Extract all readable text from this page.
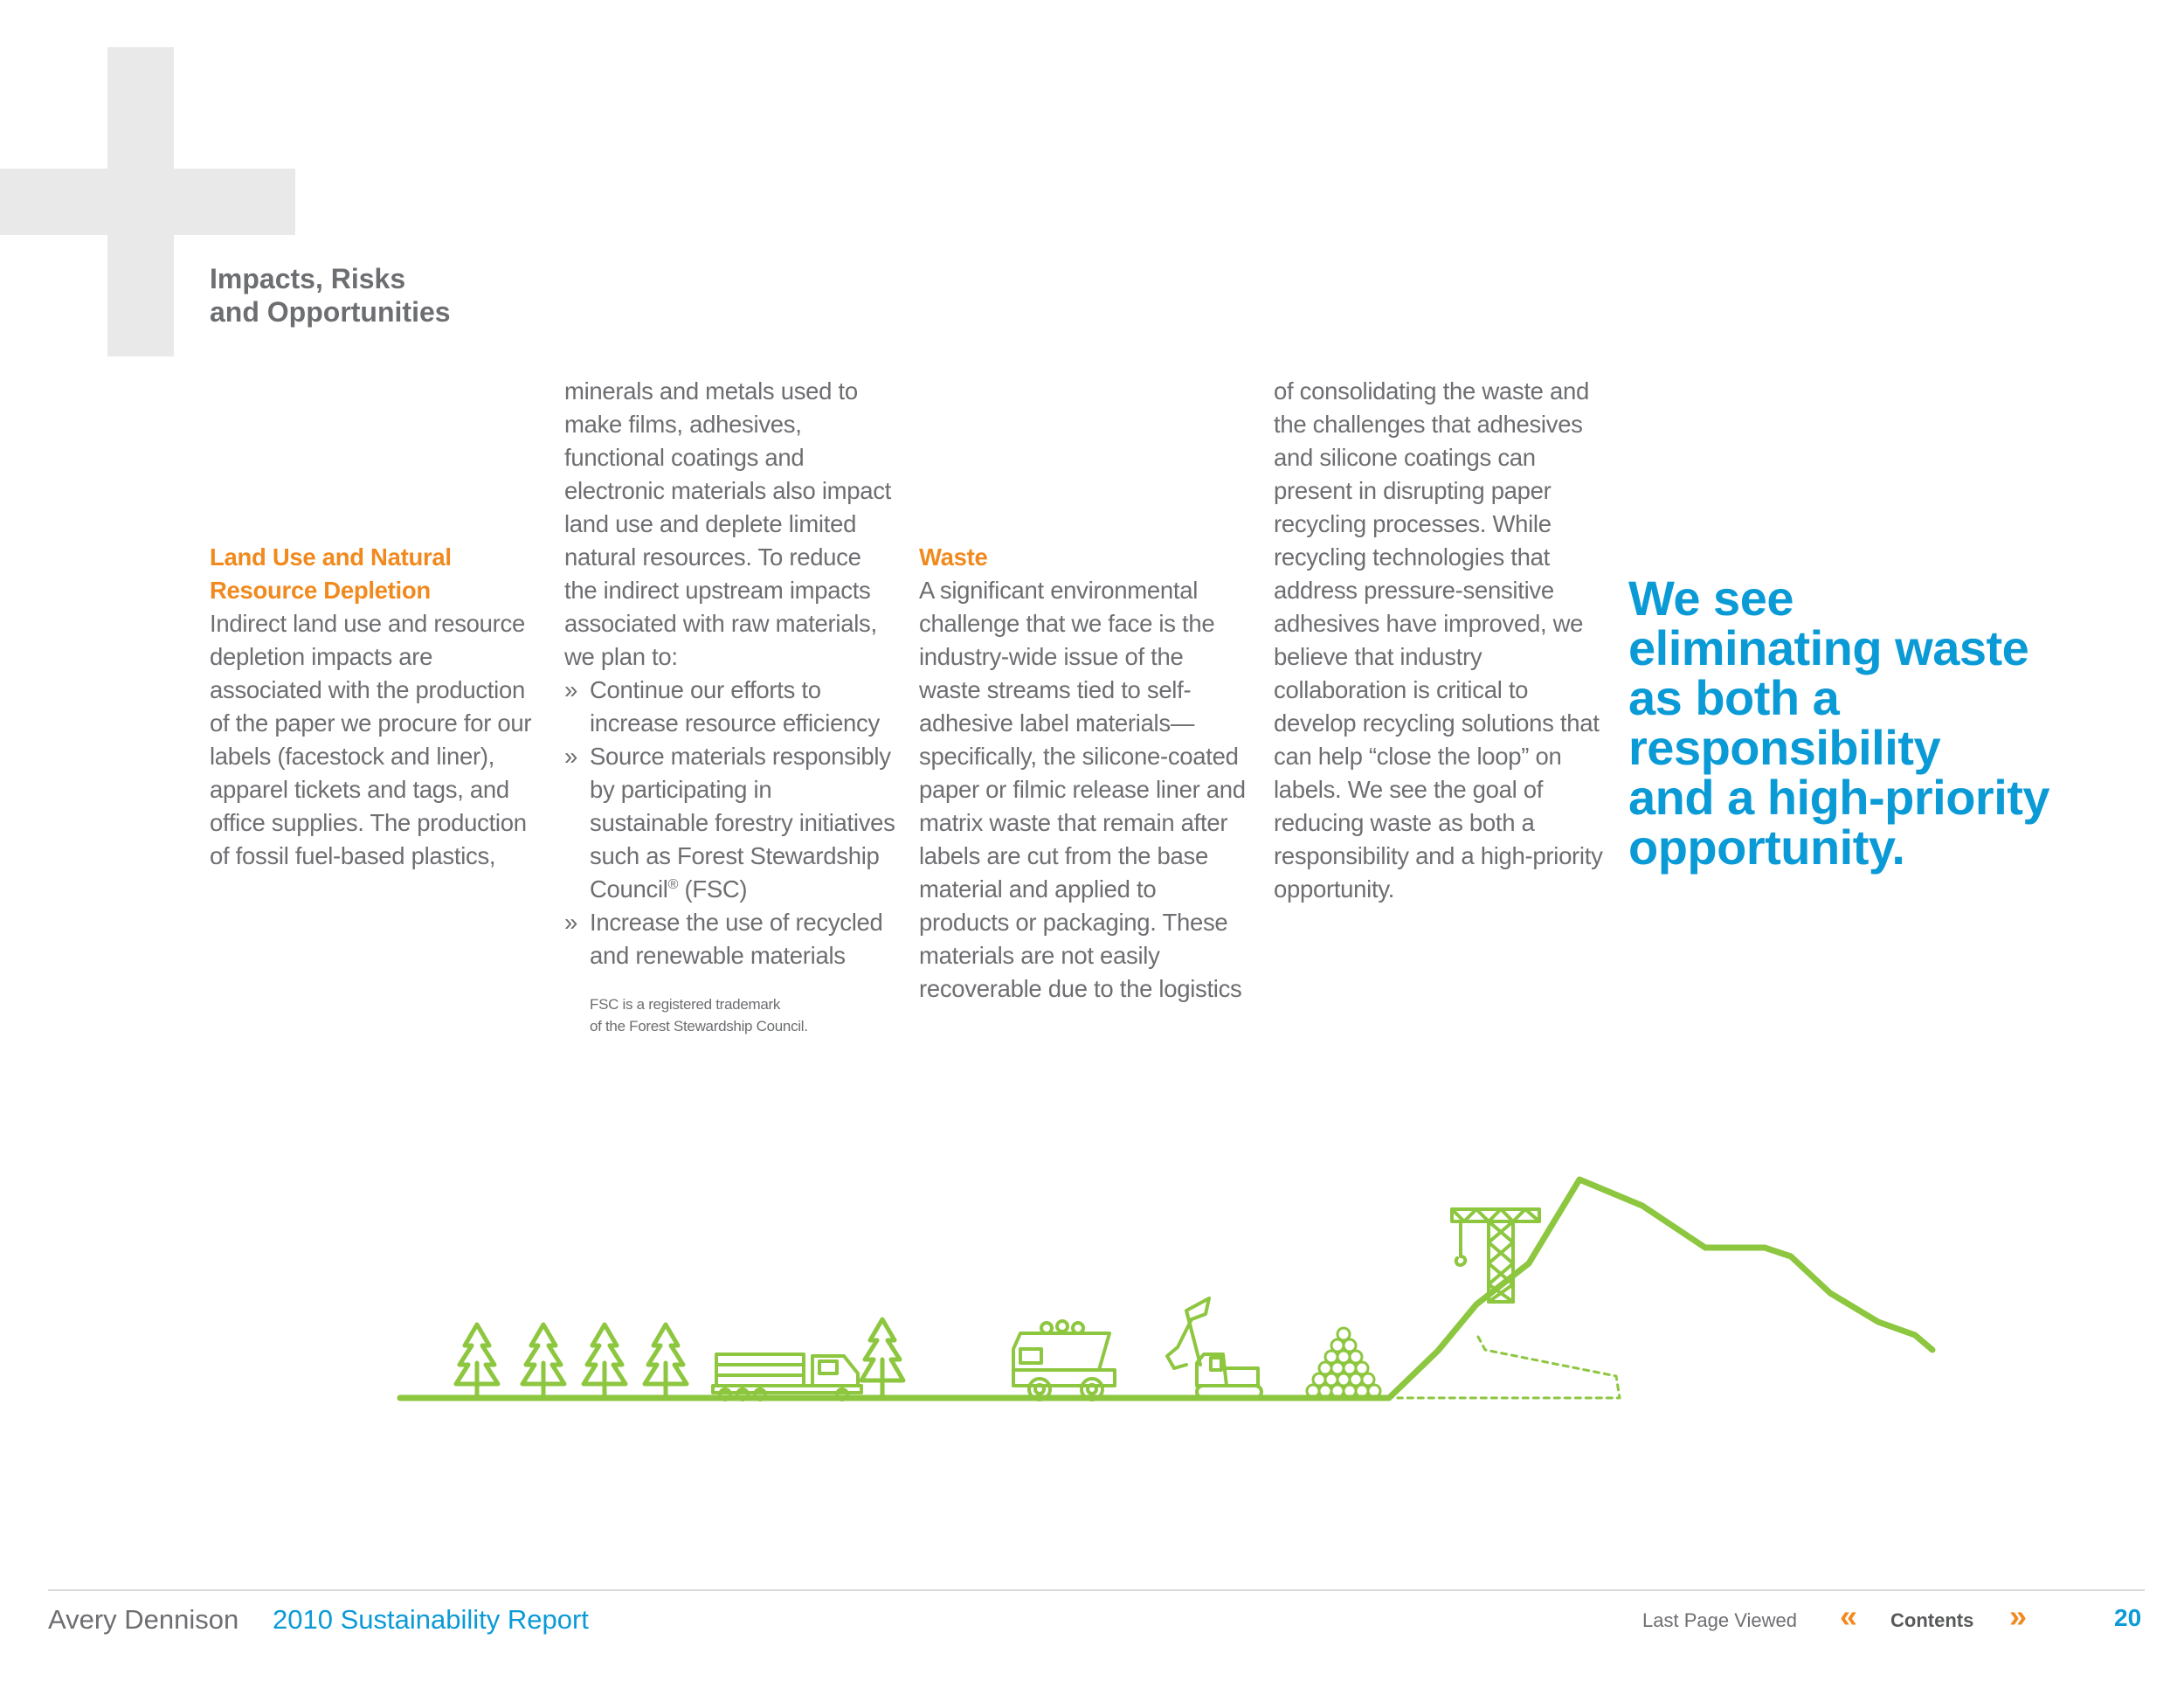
Impacts, Risks
and Opportunities
Land Use and Natural
Resource Depletion

Indirect land use and resource depletion impacts are associated with the production of the paper we procure for our labels (facestock and liner), apparel tickets and tags, and office supplies. The production of fossil fuel-based plastics,

minerals and metals used to make films, adhesives, functional coatings and electronic materials also impact land use and deplete limited natural resources. To reduce the indirect upstream impacts associated with raw materials, we plan to:

» Continue our efforts to increase resource efficiency
» Source materials responsibly by participating in sustainable forestry initiatives such as Forest Stewardship Council® (FSC)
» Increase the use of recycled and renewable materials

FSC is a registered trademark
of the Forest Stewardship Council.

Waste

A significant environmental challenge that we face is the industry-wide issue of the waste streams tied to self-adhesive label materials—specifically, the silicone-coated paper or filmic release liner and matrix waste that remain after labels are cut from the base material and applied to products or packaging. These materials are not easily recoverable due to the logistics

of consolidating the waste and the challenges that adhesives and silicone coatings can present in disrupting paper recycling processes. While recycling technologies that address pressure-sensitive adhesives have improved, we believe that industry collaboration is critical to develop recycling solutions that can help “close the loop” on labels. We see the goal of reducing waste as both a responsibility and a high-priority opportunity.

We see
eliminating waste
as both a
responsibility
and a high-priority
opportunity.
Avery Dennison 2010 Sustainability Report	Last Page Viewed « Contents »	20
